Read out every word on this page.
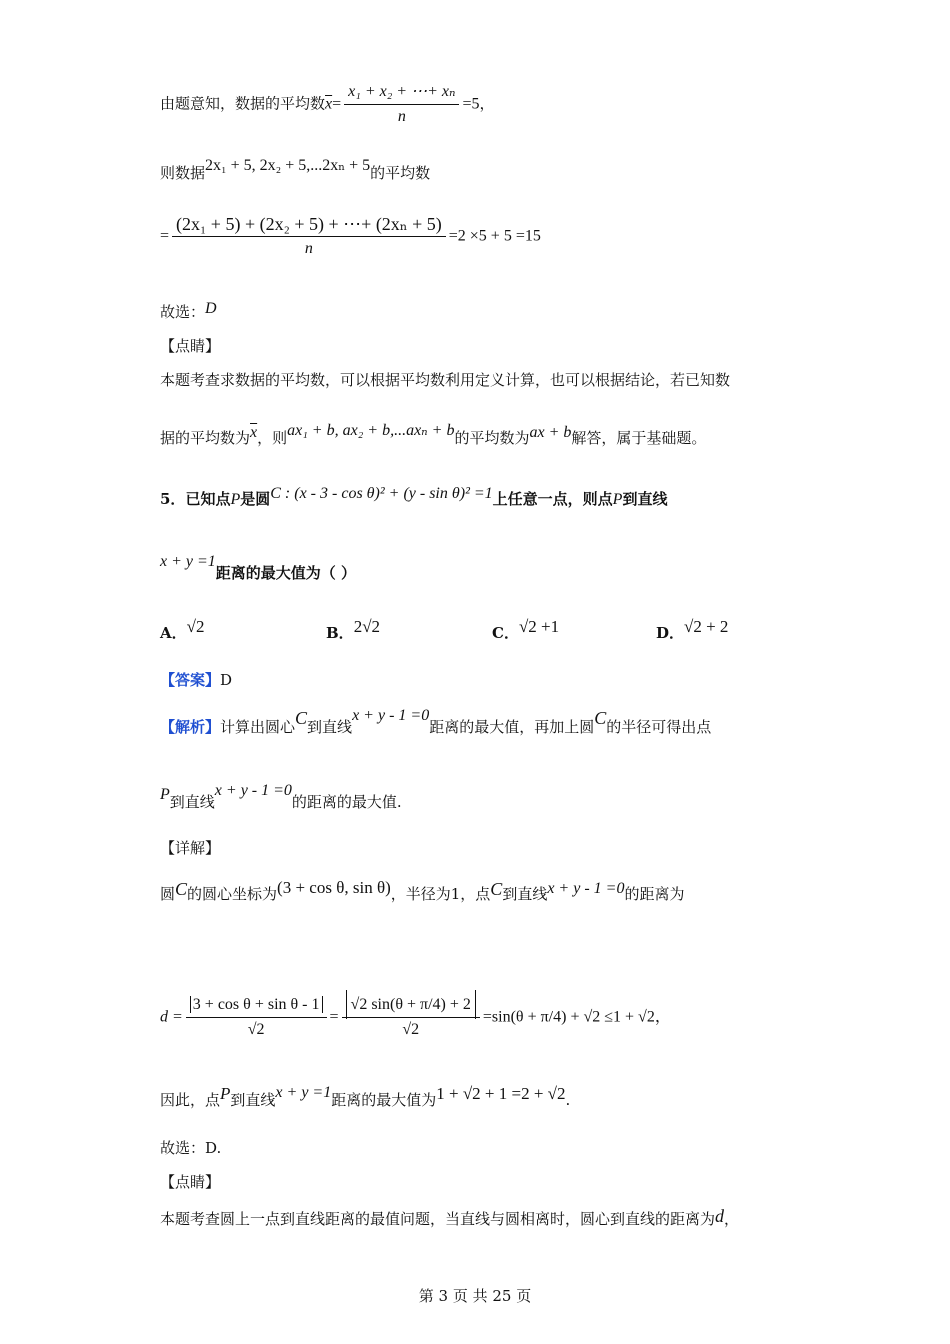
由题意知，数据的平均数$\overline{x}= \frac{\text{x₁ + x₂ + ⋯+ xₙ}}{n} =5$，
则数据2x₁ + 5, 2x₂ + 5,...2xₙ + 5的平均数
= $\frac{\text{(2x₁ + 5) + (2x₂ + 5) + ⋯+ (2xₙ + 5)}}{n} =2 \times 5 + 5 =15$
故选：D
【点睛】
本题考查求数据的平均数，可以根据平均数利用定义计算，也可以根据结论，若已知数
据的平均数为$\overline{x}$，则ax₁ + b, ax₂ + b,...axₙ + b的平均数为ax + b解答，属于基础题。
5．已知点P是圆C : (x - 3 - cos θ)² + (y - sin θ)² =1上任意一点，则点P到直线
x + y =1距离的最大值为（ ）
A．√2	B．2√2	C．√2 +1	D．√2 + 2
【答案】D
【解析】计算出圆心C到直线x + y - 1 =0距离的最大值，再加上圆C的半径可得出点
P到直线x + y - 1 =0的距离的最大值.
【详解】
圆C的圆心坐标为(3 + cos θ, sin θ)，半径为1，点C到直线x + y - 1 =0的距离为
$d = \frac{\text{3 + cos θ + sin θ - 1}}{√2} = \frac{√2 \sin(\theta + \pi/4) + 2}{√2} =\sin(\theta + \pi/4) + √2 \le 1 + √2$，
因此，点P到直线x + y =1距离的最大值为1 + √2 + 1 =2 + √2.
故选：D.
【点睛】
本题考查圆上一点到直线距离的最值问题，当直线与圆相离时，圆心到直线的距离为d，
第 3 页 共 25 页
